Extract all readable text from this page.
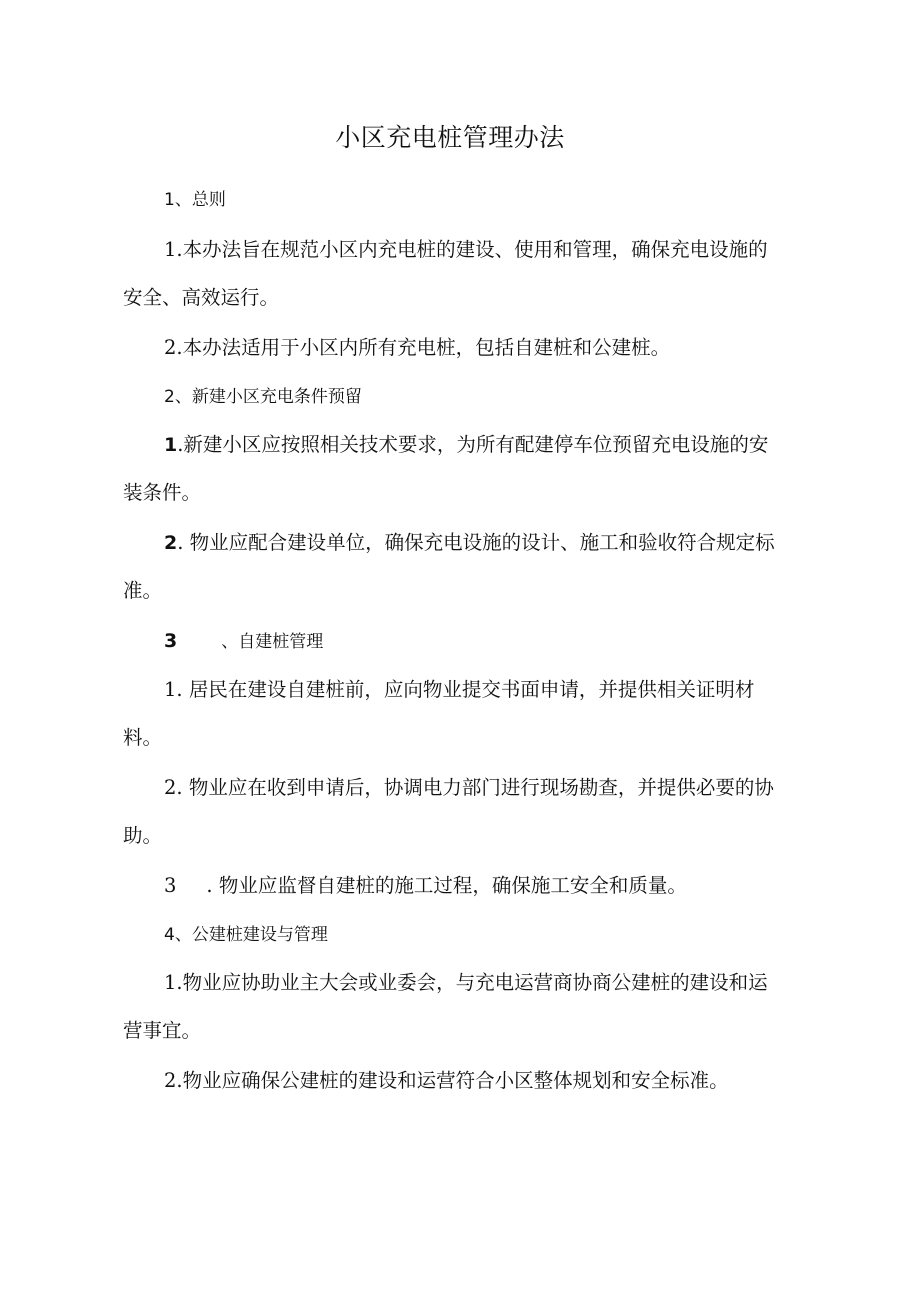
小区充电桩管理办法
1、总则
1.本办法旨在规范小区内充电桩的建设、使用和管理，确保充电设施的安全、高效运行。
2.本办法适用于小区内所有充电桩，包括自建桩和公建桩。
2、新建小区充电条件预留
1.新建小区应按照相关技术要求，为所有配建停车位预留充电设施的安装条件。
2. 物业应配合建设单位，确保充电设施的设计、施工和验收符合规定标准。
3	、自建桩管理
1. 居民在建设自建桩前，应向物业提交书面申请，并提供相关证明材料。
2. 物业应在收到申请后，协调电力部门进行现场勘查，并提供必要的协助。
3 . 物业应监督自建桩的施工过程，确保施工安全和质量。
4、公建桩建设与管理
1.物业应协助业主大会或业委会，与充电运营商协商公建桩的建设和运营事宜。
2.物业应确保公建桩的建设和运营符合小区整体规划和安全标准。
